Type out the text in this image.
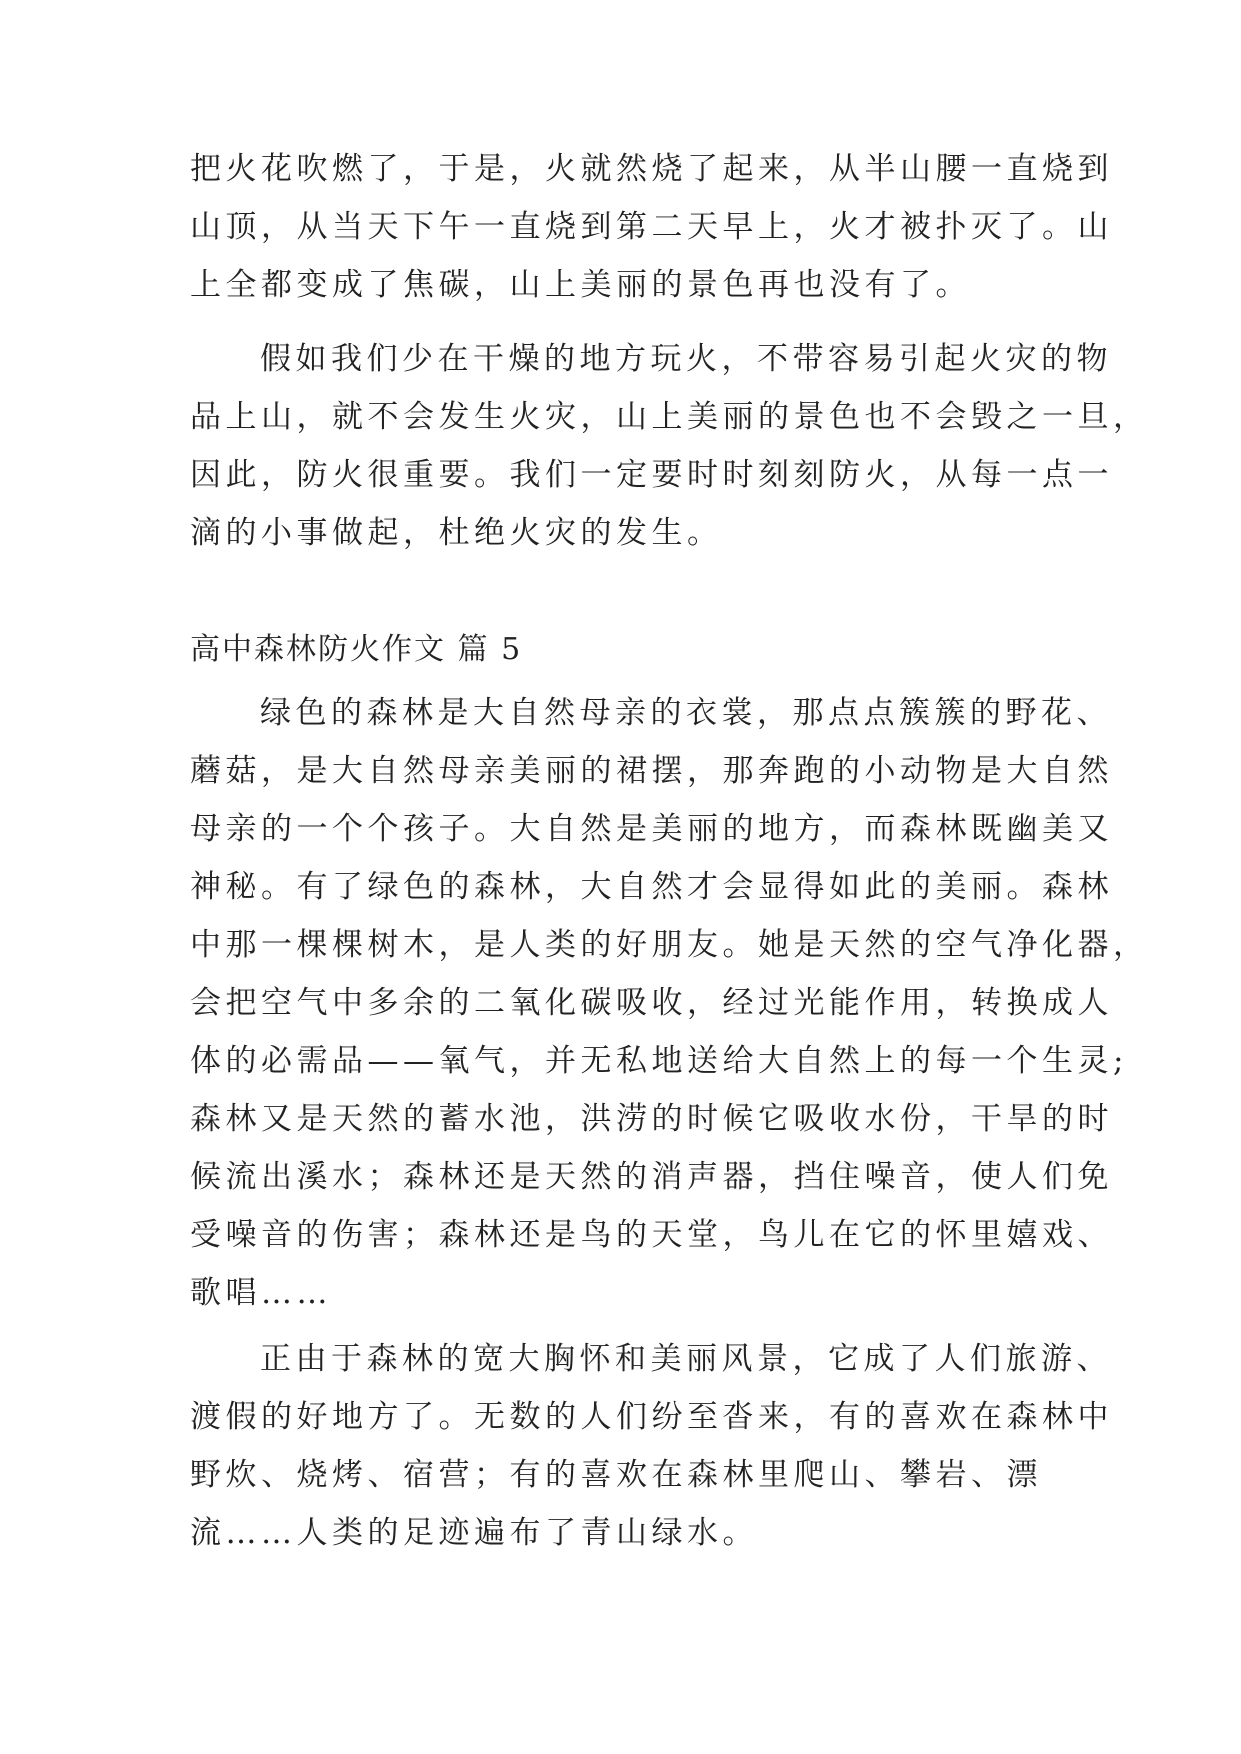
把火花吹燃了，于是，火就然烧了起来，从半山腰一直烧到
山顶，从当天下午一直烧到第二天早上，火才被扑灭了。山
上全都变成了焦碳，山上美丽的景色再也没有了。
假如我们少在干燥的地方玩火，不带容易引起火灾的物
品上山，就不会发生火灾，山上美丽的景色也不会毁之一旦，
因此，防火很重要。我们一定要时时刻刻防火，从每一点一
滴的小事做起，杜绝火灾的发生。
高中森林防火作文 篇 5
绿色的森林是大自然母亲的衣裳，那点点簇簇的野花、
蘑菇，是大自然母亲美丽的裙摆，那奔跑的小动物是大自然
母亲的一个个孩子。大自然是美丽的地方，而森林既幽美又
神秘。有了绿色的森林，大自然才会显得如此的美丽。森林
中那一棵棵树木，是人类的好朋友。她是天然的空气净化器，
会把空气中多余的二氧化碳吸收，经过光能作用，转换成人
体的必需品——氧气，并无私地送给大自然上的每一个生灵;
森林又是天然的蓄水池，洪涝的时候它吸收水份，干旱的时
候流出溪水；森林还是天然的消声器，挡住噪音，使人们免
受噪音的伤害；森林还是鸟的天堂，鸟儿在它的怀里嬉戏、
歌唱……
正由于森林的宽大胸怀和美丽风景，它成了人们旅游、
渡假的好地方了。无数的人们纷至沓来，有的喜欢在森林中
野炊、烧烤、宿营；有的喜欢在森林里爬山、攀岩、漂
流……人类的足迹遍布了青山绿水。
